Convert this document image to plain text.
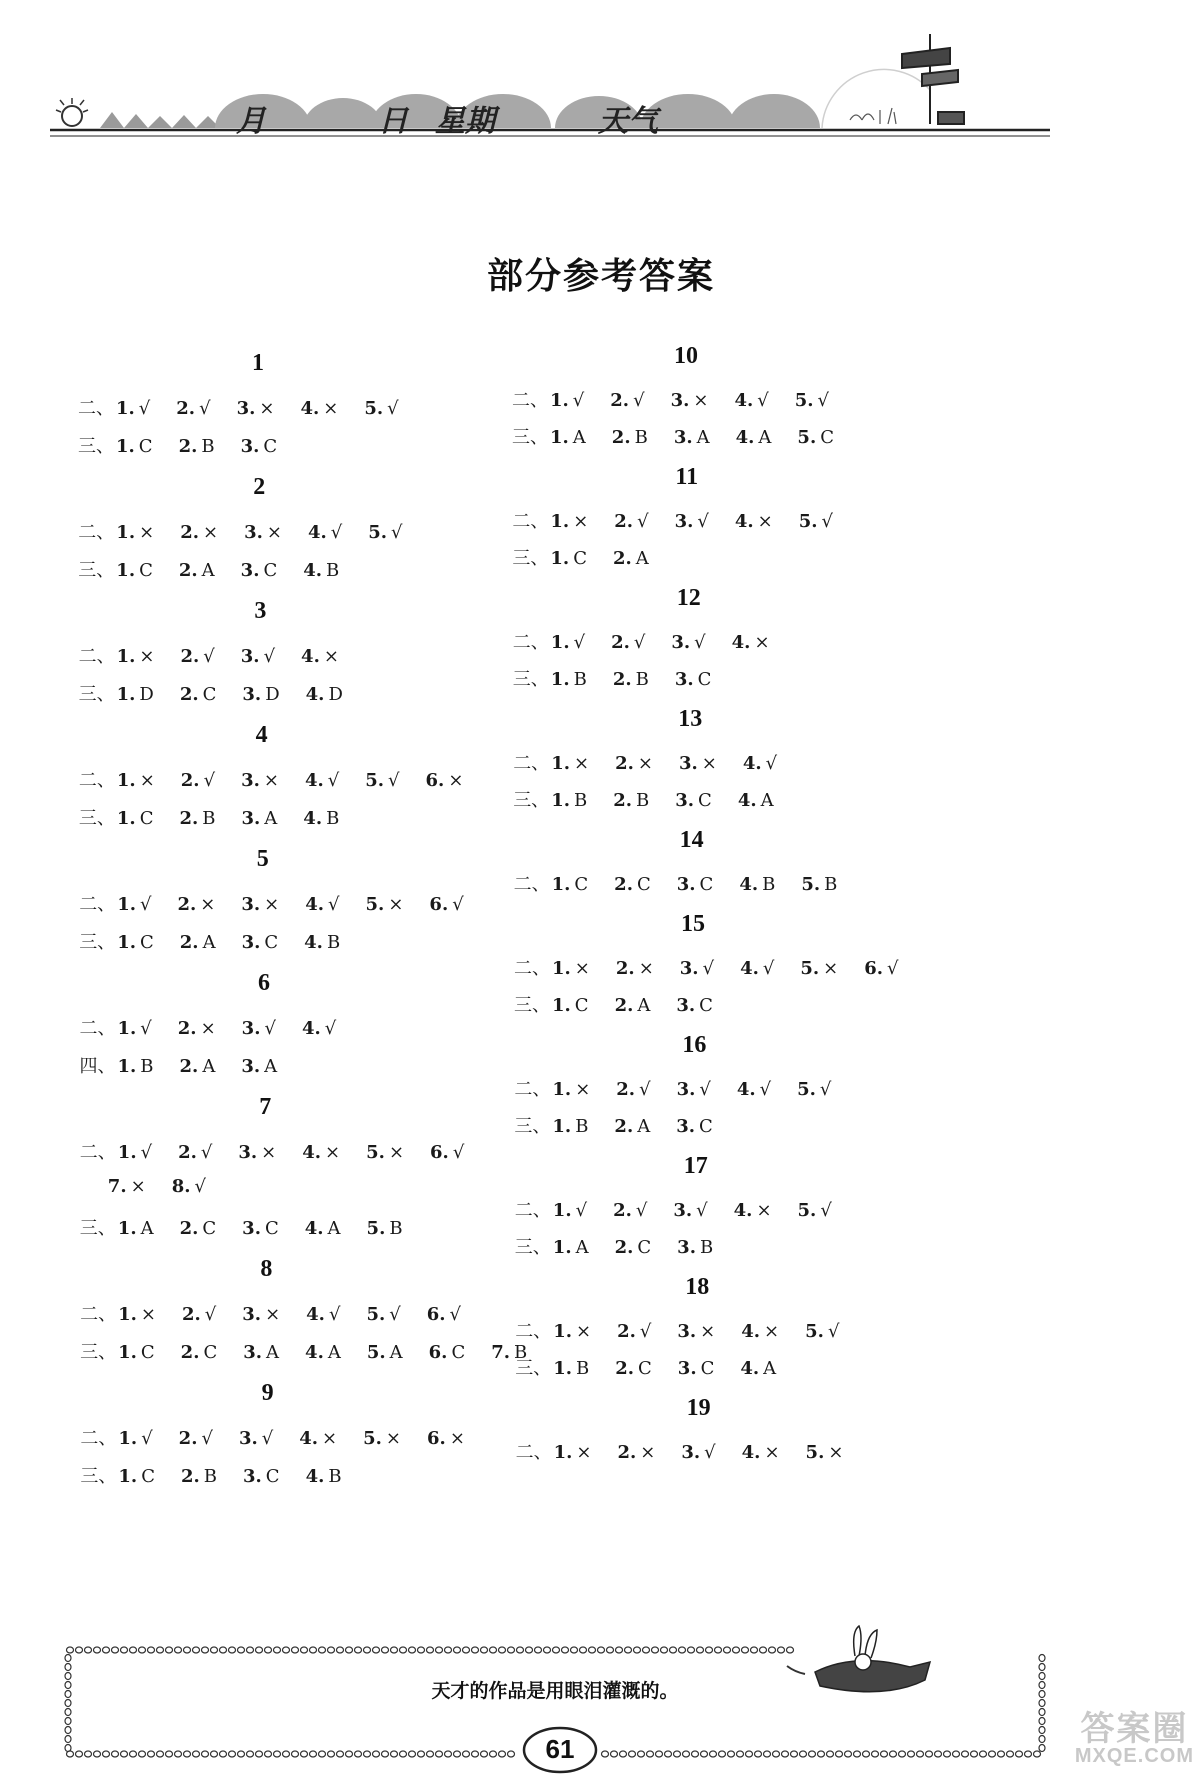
月	日 星期	天气
部分参考答案
1
二、 1. √ 2. √ 3. × 4. × 5. √
三、 1. C 2. B 3. C
2
二、 1. × 2. × 3. × 4. √ 5. √
三、 1. C 2. A 3. C 4. B
3
二、 1. × 2. √ 3. √ 4. ×
三、 1. D 2. C 3. D 4. D
4
二、 1. × 2. √ 3. × 4. √ 5. √ 6. ×
三、 1. C 2. B 3. A 4. B
5
二、 1. √ 2. × 3. × 4. √ 5. × 6. √
三、 1. C 2. A 3. C 4. B
6
二、 1. √ 2. × 3. √ 4. √
四、 1. B 2. A 3. A
7
二、 1. √ 2. √ 3. × 4. × 5. × 6. √
7. × 8. √
三、 1. A 2. C 3. C 4. A 5. B
8
二、 1. × 2. √ 3. × 4. √ 5. √ 6. √
三、 1. C 2. C 3. A 4. A 5. A 6. C 7. B
9
二、 1. √ 2. √ 3. √ 4. × 5. × 6. ×
三、 1. C 2. B 3. C 4. B
10
二、 1. √ 2. √ 3. × 4. √ 5. √
三、 1. A 2. B 3. A 4. A 5. C
11
二、 1. × 2. √ 3. √ 4. × 5. √
三、 1. C 2. A
12
二、 1. √ 2. √ 3. √ 4. ×
三、 1. B 2. B 3. C
13
二、 1. × 2. × 3. × 4. √
三、 1. B 2. B 3. C 4. A
14
二、 1. C 2. C 3. C 4. B 5. B
15
二、 1. × 2. × 3. √ 4. √ 5. × 6. √
三、 1. C 2. A 3. C
16
二、 1. × 2. √ 3. √ 4. √ 5. √
三、 1. B 2. A 3. C
17
二、 1. √ 2. √ 3. √ 4. × 5. √
三、 1. A 2. C 3. B
18
二、 1. × 2. √ 3. × 4. × 5. √
三、 1. B 2. C 3. C 4. A
19
二、 1. × 2. × 3. √ 4. × 5. ×
天才的作品是用眼泪灌溉的。
61
答案圈
MXQE.COM
